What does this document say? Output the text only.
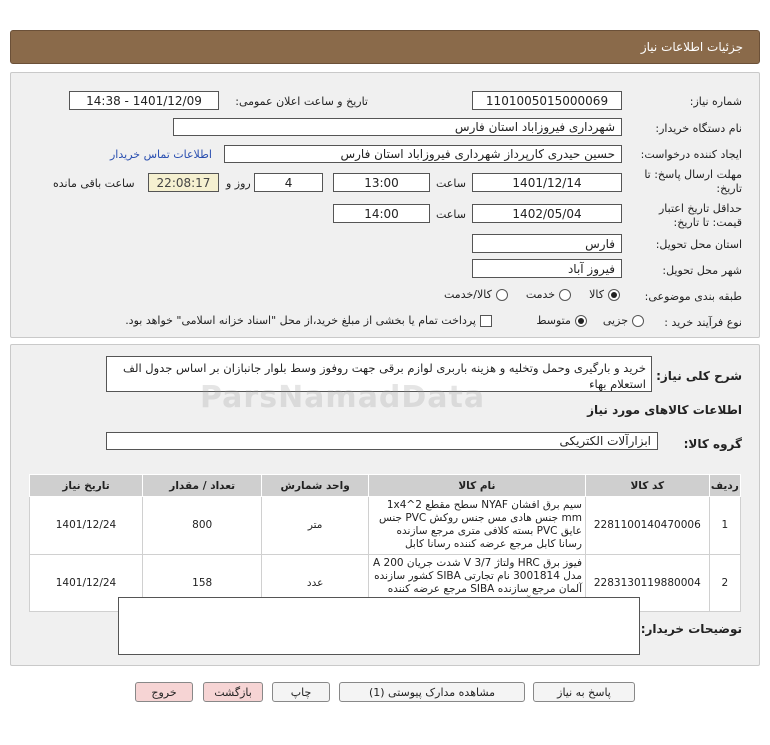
جزئیات اطلاعات نیاز
شماره نیاز:
1101005015000069
تاریخ و ساعت اعلان عمومی:
1401/12/09 - 14:38
نام دستگاه خریدار:
شهرداری فیروزاباد استان فارس
ایجاد کننده درخواست:
حسین حیدری کارپرداز شهرداری فیروزاباد استان فارس
اطلاعات تماس خریدار
مهلت ارسال پاسخ: تا
تاریخ:
1401/12/14
ساعت
13:00
4
روز و
22:08:17
ساعت باقی مانده
حداقل تاریخ اعتبار
قیمت: تا تاریخ:
1402/05/04
ساعت
14:00
استان محل تحویل:
فارس
شهر محل تحویل:
فیروز آباد
طبقه بندی موضوعی:
کالا
خدمت
کالا/خدمت
نوع فرآیند خرید :
جزیی
متوسط
پرداخت تمام یا بخشی از مبلغ خرید،از محل "اسناد خزانه اسلامی" خواهد بود.
شرح کلی نیاز:
خرید و بارگیری وحمل وتخلیه و هزینه باربری لوازم برقی جهت روفوز وسط بلوار جانبازان بر اساس جدول الف استعلام بهاء
اطلاعات کالاهای مورد نیاز
گروه کالا:
ابزارآلات الکتریکی
ParsNamadData
ردیف	کد کالا	نام کالا	واحد شمارش	تعداد / مقدار	تاریخ نیاز
1	2281100140470006	سیم برق افشان NYAF سطح مقطع 2^1x4 mm جنس هادی مس جنس روکش PVC جنس عایق PVC بسته کلافی متری مرجع سازنده رسانا کابل مرجع عرضه کننده رسانا کابل	متر	800	1401/12/24
2	2283130119880004	فیوز برق HRC ولتاژ 3/7 V شدت جریان 200 A مدل 3001814 نام تجارتی SIBA کشور سازنده آلمان مرجع سازنده SIBA مرجع عرضه کننده	عدد	158	1401/12/24
توضیحات خریدار:
پاسخ به نیاز
مشاهده مدارک پیوستی (1)
چاپ
بازگشت
خروج
